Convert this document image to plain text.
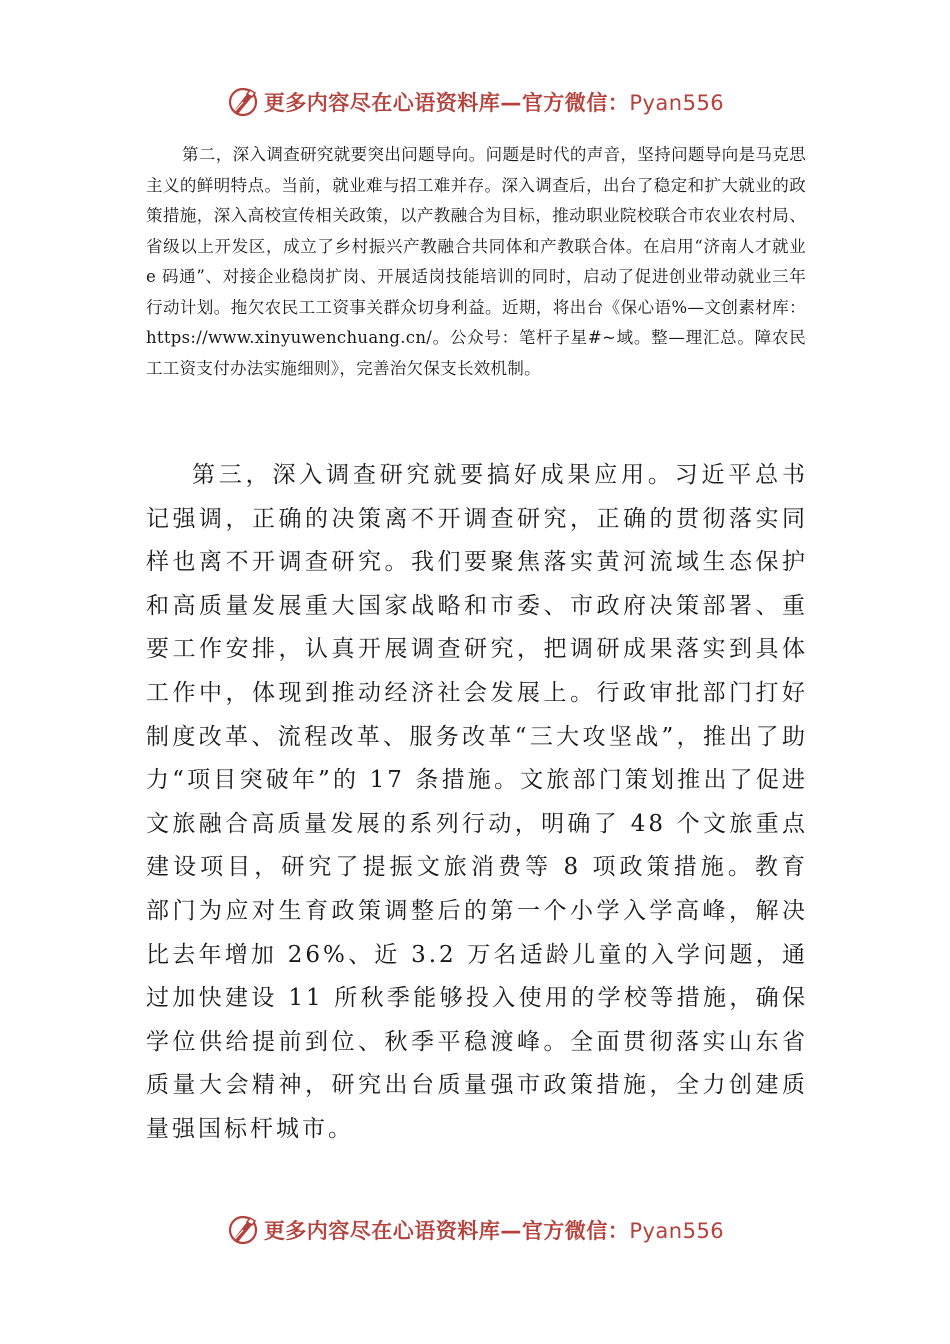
更多内容尽在心语资料库—官方微信：Pyan556

第二，深入调查研究就要突出问题导向。问题是时代的声音，坚持问题导向是马克思主义的鲜明特点。当前，就业难与招工难并存。深入调查后，出台了稳定和扩大就业的政策措施，深入高校宣传相关政策，以产教融合为目标，推动职业院校联合市农业农村局、省级以上开发区，成立了乡村振兴产教融合共同体和产教联合体。在启用“济南人才就业 e 码通”、对接企业稳岗扩岗、开展适岗技能培训的同时，启动了促进创业带动就业三年行动计划。拖欠农民工工资事关群众切身利益。近期，将出台《保心语%—文创素材库：https://www.xinyuwenchuang.cn/。公众号：笔杆子星#~域。整—理汇总。障农民工工资支付办法实施细则》，完善治欠保支长效机制。

第三，深入调查研究就要搞好成果应用。习近平总书记强调，正确的决策离不开调查研究，正确的贯彻落实同样也离不开调查研究。我们要聚焦落实黄河流域生态保护和高质量发展重大国家战略和市委、市政府决策部署、重要工作安排，认真开展调查研究，把调研成果落实到具体工作中，体现到推动经济社会发展上。行政审批部门打好制度改革、流程改革、服务改革“三大攻坚战”，推出了助力“项目突破年”的 17 条措施。文旅部门策划推出了促进文旅融合高质量发展的系列行动，明确了 48 个文旅重点建设项目，研究了提振文旅消费等 8 项政策措施。教育部门为应对生育政策调整后的第一个小学入学高峰，解决比去年增加 26%、近 3.2 万名适龄儿童的入学问题，通过加快建设 11 所秋季能够投入使用的学校等措施，确保学位供给提前到位、秋季平稳渡峰。全面贯彻落实山东省质量大会精神，研究出台质量强市政策措施，全力创建质量强国标杆城市。

更多内容尽在心语资料库—官方微信：Pyan556
